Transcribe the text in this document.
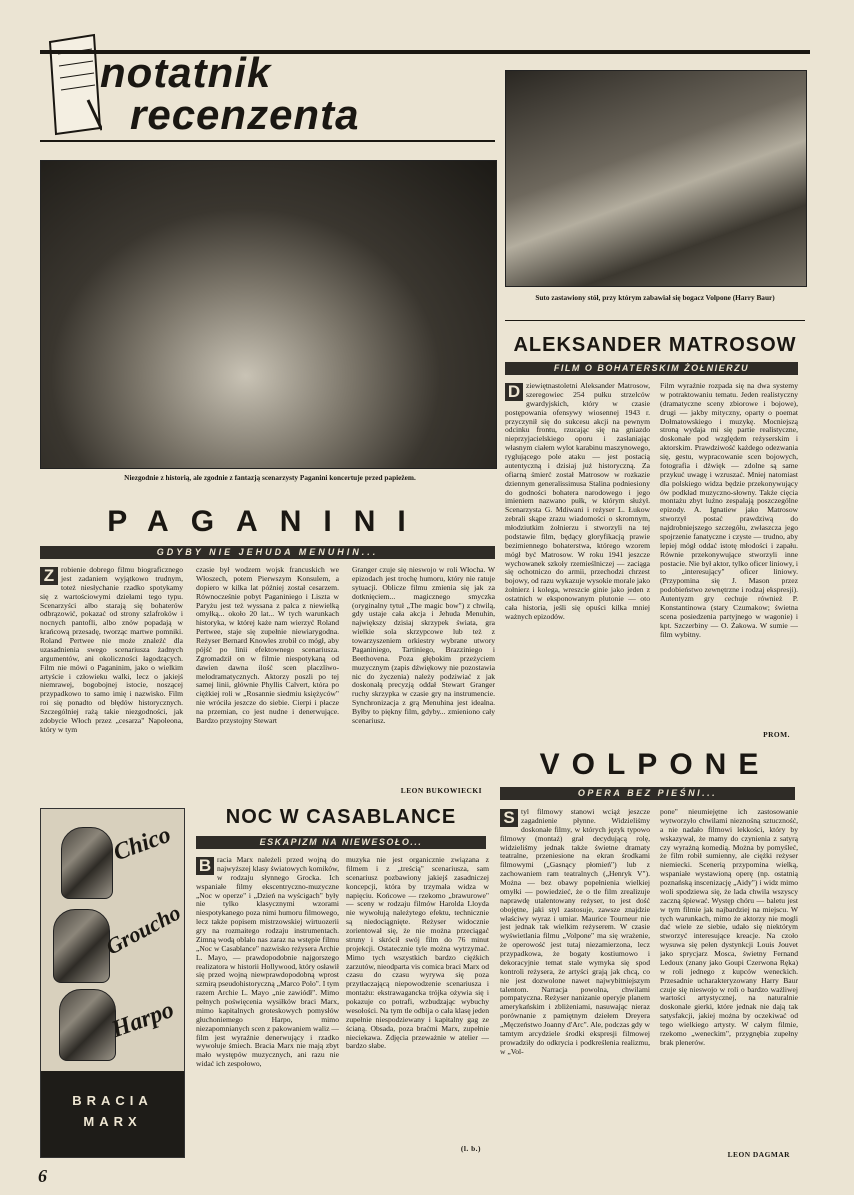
notatnik
recenzenta
Niezgodnie z historią, ale zgodnie z fantazją scenarzysty Paganini koncertuje przed papieżem.
Suto zastawiony stół, przy którym zabawiał się bogacz Volpone (Harry Baur)
PAGANINI
GDYBY NIE JEHUDA MENUHIN...
Z robienie dobrego filmu biograficznego jest zadaniem wyjątkowo trudnym, toteż niesłychanie rzadko spotykamy się z wartościowymi dziełami tego typu. Scenarzyści albo starają się bohaterów odbrązowić, pokazać od strony szlafroków i nocnych pantofli, albo znów popadają w krańcową przesadę, tworząc martwe pomniki. Roland Pertwee nie może znaleźć dla uzasadnienia swego scenariusza żadnych argumentów, ani okoliczności łagodzących. Film nie mówi o Paganinim, jako o wielkim artyście i człowieku walki, lecz o jakiejś niemrawej, bogobojnej istocie, noszącej przypadkowo to samo imię i nazwisko. Film roi się ponadto od błędów historycznych. Szczególniej rażą takie niezgodności, jak zdobycie Włoch przez „cesarza" Napoleona, który w tym

czasie był wodzem wojsk francuskich we Włoszech, potem Pierwszym Konsulem, a dopiero w kilka lat później został cesarzem. Równocześnie pobyt Paganiniego i Liszta w Paryżu jest też wyssana z palca z niewielką omyłką... około 20 lat... W tych warunkach historyka, w której każe nam wierzyć Roland Pertwee, staje się zupełnie niewiarygodna. Reżyser Bernard Knowles zrobił co mógł, aby pójść po linii efektownego scenariusza. Zgromadził on w filmie niespotykaną od dawien dawna ilość scen placzliwo-melodramatycznych. Aktorzy poszli po tej samej linii, głównie Phyllis Calvert, która po ciężkiej roli w „Rosannie siedmiu księżyców" nie wróciła jeszcze do siebie. Cierpi i płacze na przemian, co jest nudne i denerwujące. Bardzo przystojny Stewart

Granger czuje się nieswojo w roli Włocha. W epizodach jest trochę humoru, który nie ratuje sytuacji. Oblicze filmu zmienia się jak za dotknięciem... magicznego smyczka (oryginalny tytuł „The magic bow") z chwilą, gdy ustaje cała akcja i Jehuda Menuhin, największy dzisiaj skrzypek świata, gra wielkie sola skrzypcowe lub też z towarzyszeniem orkiestry wybrane utwory Paganiniego, Tartiniego, Brazziniego i Beethovena. Poza głębokim przeżyciem muzycznym (zapis dźwiękowy nie pozostawia nic do życzenia) należy podziwiać z jak doskonałą precyzją oddał Stewart Granger ruchy skrzypka w czasie gry na instrumencie. Synchronizacja z grą Menuhina jest idealna. Byłby to piękny film, gdyby... zmieniono cały scenariusz.

LEON BUKOWIECKI
ALEKSANDER MATROSOW
FILM O BOHATERSKIM ŻOŁNIERZU
D ziewiętnastoletni Aleksander Matrosow, szeregowiec 254 pułku strzelców gwardyjskich, który w czasie postępowania ofensywy wiosennej 1943 r. przyczynił się do sukcesu akcji na pewnym odcinku frontu, rzucając się na gniazdo nieprzyjacielskiego oporu i zasłaniając własnym ciałem wylot karabinu maszynowego, ryglującego pole ataku — jest postacią autentyczną i dzisiaj już historyczną. Za ofiarną śmierć został Matrosow w rozkazie dziennym generalissimusa Stalina podniesiony do godności bohatera narodowego i jego imieniem nazwano pułk, w którym służył. Scenarzysta G. Mdiwani i reżyser L. Łukow zebrali skąpe zrazu wiadomości o skromnym, młodziutkim żołnierzu i stworzyli na tej podstawie film, będący gloryfikacją prawie bezimiennego bohaterstwa, którego wzorem mógł być Matrosow. W roku 1941 jeszcze wychowanek szkoły rzemieślniczej — zaciąga się ochotniczo do armii, przechodzi chrzest bojowy, od razu wykazuje wysokie morale jako żołnierz i kolega, wreszcie ginie jako jeden z ostatnich w eksponowanym plutonie — oto cała historia, jeśli się opuści kilka mniej ważnych epizodów.

Film wyraźnie rozpada się na dwa systemy w potraktowaniu tematu. Jeden realistyczny (dramatyczne sceny zbiorowe i bojowe), drugi — jakby mityczny, oparty o poemat Dołmatowskiego i muzykę. Mocniejszą stroną wydaja mi się partie realistyczne, doskonałe pod względem reżyserskim i aktorskim. Prawdziwość każdego odezwania się, gestu, wypracowanie scen bojowych, fotografia i dźwięk — zdolne są same przykuć uwagę i wzruszać. Mniej natomiast dla polskiego widza będzie przekonywujący ów podkład muzyczno-słowny. Także cięcia montażu zbyt luźno zespalają poszczególne epizody. A. Ignatiew jako Matrosow stworzył postać prawdziwą do najdrobniejszego szczegółu, zwłaszcza jego spojrzenie fanatyczne i czyste — trudno, aby lepiej mógł oddać istotę młodości i zapału. Równie przekonywujące stworzyli inne postacie. Nie był aktor, tylko oficer liniowy, i to „interesujący" oficer liniowy. (Przypomina się J. Mason przez podobieństwo zewnętrzne i rodzaj ekspresji). Autentyzm gry cechuje również P. Konstantinowa (stary Czumakow; świetna scena posiedzenia partyjnego w wagonie) i kpt. Szczerbiny — O. Żakowa. W sumie — film wybitny.

PROM.
VOLPONE
OPERA BEZ PIEŚNI...
S tyl filmowy stanowi wciąż jeszcze zagadnienie płynne. Widzieliśmy doskonałe filmy, w których język typowo filmowy (montaż) grał decydującą rolę, widzieliśmy jednak także świetne dramaty teatralne, przeniesione na ekran środkami filmowymi („Gasnący płomień") lub z zachowaniem ram teatralnych („Henryk V"). Można — bez obawy popełnienia wielkiej omyłki — powiedzieć, że o tle film zrealizuje naprawdę utalentowany reżyser, to jest dość obojętne, jaki styl zastosuje, zawsze znajdzie właściwy wyraz i umiar. Maurice Tourneur nie jest jednak tak wielkim reżyserem. W czasie wyświetlania filmu „Volpone" ma się wrażenie, że operowość jest tutaj niezamierzona, lecz przypadkowa, że bogaty kostiumowo i dekoracyjnie temat stale wymyka się spod kontroli reżysera, że artyści grają jak chcą, co nie jest dozwolone nawet najwybitniejszym talentom. Narracja powolna, chwilami pompatyczna. Reżyser nanizanie operyje planem amerykańskim i zbliżeniami, nasuwając nieraz porównanie z pamiętnym dziełem Dreyera „Męczeństwo Joanny d'Arc". Ale, podczas gdy w tamtym arcydziele środki ekspresji filmowej prowadziły do odkrycia i podkreślenia realizmu, w „Vol-

pone" nieumiejętne ich zastosowanie wytworzyło chwilami nieznośną sztuczność, a nie nadało filmowi lekkości, który by wskazywał, że mamy do czynienia z satyrą czy wyrażną komedią. Można by pomyśleć, że film robił sumienny, ale ciężki reżyser niemiecki. Scenerią przypomina wielką, wspaniałe wystawioną operę (np. ostatnią poznańską inscenizację „Aidy") i widz mimo woli spodziewa się, że lada chwila wszyscy zaczną śpiewać. Występ chóru — baletu jest w tym filmie jak najbardziej na miejscu. W tych warunkach, mimo że aktorzy nie mogli dać wiele ze siebie, udało się niektórym stworzyć interesujące kreacje. Na czoło wysuwa się pełen dystynkcji Louis Jouvet jako sprycjarz Mosca, świetny Fernand Ledoux (znany jako Goupi Czerwona Ręka) w roli jednego z kupców weneckich. Przesadnie ucharakteryzowany Harry Baur czuje się nieswojo w roli o bardzo ważliwej wartości artystycznej, na naturalnie doskonale gierki, które jednak nie dają tak satysfakcji, jakiej można by oczekiwać od tego wielkiego artysty. W całym filmie, rzekomo „weneckim", przygnębia zupełny brak plenerów.

LEON DAGMAR
Chico
Groucho
Harpo
BRACIA
MARX
NOC W CASABLANCE
ESKAPIZM NA NIEWESOŁO...
B racia Marx należeli przed wojną do najwyższej klasy światowych komików, w rodzaju słynnego Grocka. Ich wspaniałe filmy ekscentryczno-muzyczne „Noc w operze" i „Dzień na wyścigach" były nie tylko klasycznymi wzorami niespotykanego poza nimi humoru filmowego, lecz także popisem mistrzowskiej wirtuozerii gry na rozmaitego rodzaju instrumentach. Zimną wodą oblało nas zaraz na wstępie filmu „Noc w Casablance" nazwisko reżysera Archie L. Mayo, — prawdopodobnie najgorszego realizatora w historii Hollywood, który osławił się przed wojną niewprawdopodobną wprost szmirą pseudohistoryczną „Marco Polo". I tym razem Archie L. Mayo „nie zawiódł". Mimo pełnych poświęcenia wysiłków braci Marx, mimo kapitalnych groteskowych pomysłów głuchoniemego Harpo, mimo niezapomnianych scen z pakowaniem waliz — film jest wyraźnie denerwujący i rzadko wywołuje śmiech. Bracia Marx nie mają zbyt mało występów muzycznych, ani razu nie widać ich zespołowo,

muzyka nie jest organicznie związana z filmem i z „treścią" scenariusza, sam scenariusz pozbawiony jakiejś zasadniczej koncepcji, która by trzymała widza w napięciu. Końcowe — rzekomo „brawurowe" — sceny w rodzaju filmów Harolda Lloyda nie wywołują należytego efektu, technicznie są niedociągnięte. Reżyser widocznie zorientował się, że nie można przeciągać struny i skrócił swój film do 76 minut projekcji. Ostatecznie tyle można wytrzymać. Mimo tych wszystkich bardzo ciężkich zarzutów, nieodparta vis comica braci Marx od czasu do czasu wyrywa się poza przytłaczającą niepowodzenie scenariusza i montażu: ekstrawagancka trójka ożywia się i pokazuje co potrafi, wzbudzając wybuchy wesołości. Na tym tle odbija o cała klasę jeden zupełnie niespodziewany i kapitalny gag ze ścianą. Obsada, poza braćmi Marx, zupełnie nieciekawa. Zdjęcia przeważnie w atelier — bardzo słabe.

(l. b.)
6
